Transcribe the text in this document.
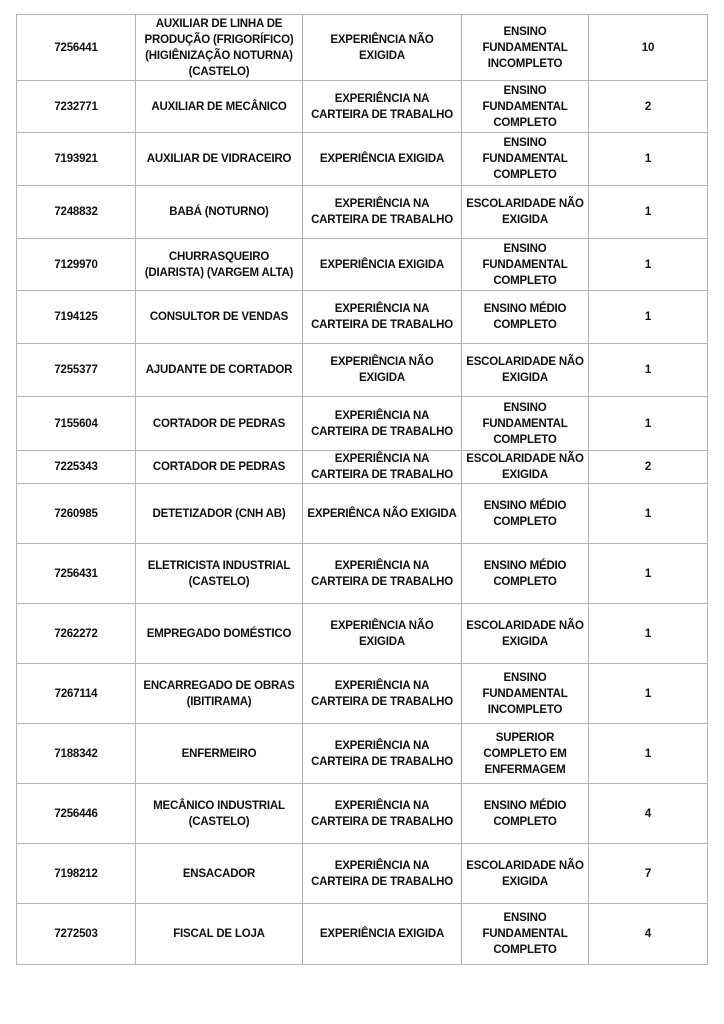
7256441	AUXILIAR DE LINHA DE PRODUÇÃO (FRIGORÍFICO) (HIGIÊNIZAÇÃO NOTURNA) (CASTELO)	EXPERIÊNCIA NÃO EXIGIDA	ENSINO FUNDAMENTAL INCOMPLETO	10
7232771	AUXILIAR DE MECÂNICO	EXPERIÊNCIA NA CARTEIRA DE TRABALHO	ENSINO FUNDAMENTAL COMPLETO	2
7193921	AUXILIAR DE VIDRACEIRO	EXPERIÊNCIA EXIGIDA	ENSINO FUNDAMENTAL COMPLETO	1
7248832	BABÁ (NOTURNO)	EXPERIÊNCIA NA CARTEIRA DE TRABALHO	ESCOLARIDADE NÃO EXIGIDA	1
7129970	CHURRASQUEIRO (DIARISTA) (VARGEM ALTA)	EXPERIÊNCIA EXIGIDA	ENSINO FUNDAMENTAL COMPLETO	1
7194125	CONSULTOR DE VENDAS	EXPERIÊNCIA NA CARTEIRA DE TRABALHO	ENSINO MÉDIO COMPLETO	1
7255377	AJUDANTE DE CORTADOR	EXPERIÊNCIA NÃO EXIGIDA	ESCOLARIDADE NÃO EXIGIDA	1
7155604	CORTADOR DE PEDRAS	EXPERIÊNCIA NA CARTEIRA DE TRABALHO	ENSINO FUNDAMENTAL COMPLETO	1
7225343	CORTADOR DE PEDRAS	EXPERIÊNCIA NA CARTEIRA DE TRABALHO	ESCOLARIDADE NÃO EXIGIDA	2
7260985	DETETIZADOR (CNH AB)	EXPERIÊNCA NÃO EXIGIDA	ENSINO MÉDIO COMPLETO	1
7256431	ELETRICISTA INDUSTRIAL (CASTELO)	EXPERIÊNCIA NA CARTEIRA DE TRABALHO	ENSINO MÉDIO COMPLETO	1
7262272	EMPREGADO DOMÉSTICO	EXPERIÊNCIA NÃO EXIGIDA	ESCOLARIDADE NÃO EXIGIDA	1
7267114	ENCARREGADO DE OBRAS (IBITIRAMA)	EXPERIÊNCIA NA CARTEIRA DE TRABALHO	ENSINO FUNDAMENTAL INCOMPLETO	1
7188342	ENFERMEIRO	EXPERIÊNCIA NA CARTEIRA DE TRABALHO	SUPERIOR COMPLETO EM ENFERMAGEM	1
7256446	MECÂNICO INDUSTRIAL (CASTELO)	EXPERIÊNCIA NA CARTEIRA DE TRABALHO	ENSINO MÉDIO COMPLETO	4
7198212	ENSACADOR	EXPERIÊNCIA NA CARTEIRA DE TRABALHO	ESCOLARIDADE NÃO EXIGIDA	7
7272503	FISCAL DE LOJA	EXPERIÊNCIA EXIGIDA	ENSINO FUNDAMENTAL COMPLETO	4
